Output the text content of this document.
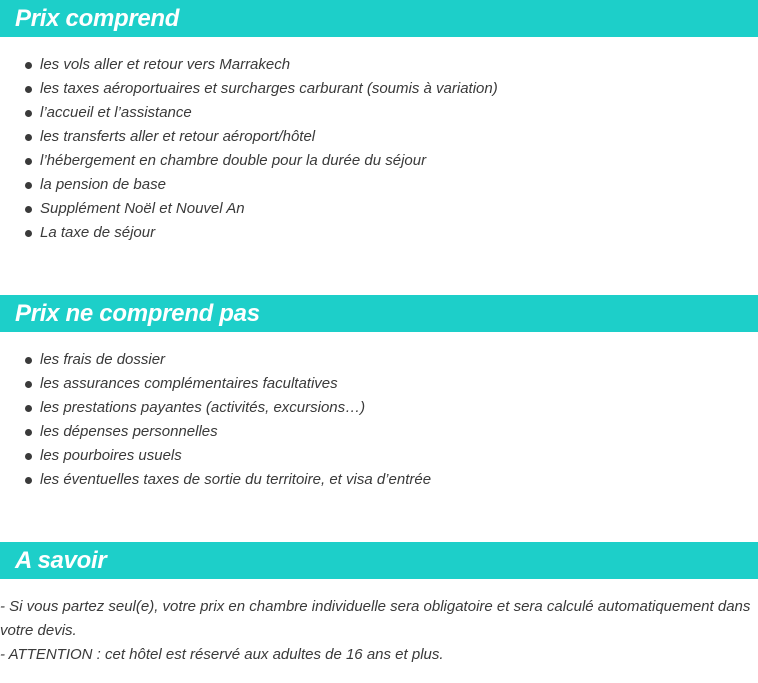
Prix comprend
les vols aller et retour vers Marrakech
les taxes aéroportuaires et surcharges carburant (soumis à variation)
l’accueil et l’assistance
les transferts aller et retour aéroport/hôtel
l’hébergement en chambre double pour la durée du séjour
la pension de base
Supplément Noël et Nouvel An
La taxe de séjour
Prix ne comprend pas
les frais de dossier
les assurances complémentaires facultatives
les prestations payantes (activités, excursions…)
les dépenses personnelles
les pourboires usuels
les éventuelles taxes de sortie du territoire, et visa d’entrée
A savoir
- Si vous partez seul(e), votre prix en chambre individuelle sera obligatoire et sera calculé automatiquement dans votre devis.
- ATTENTION : cet hôtel est réservé aux adultes de 16 ans et plus.
